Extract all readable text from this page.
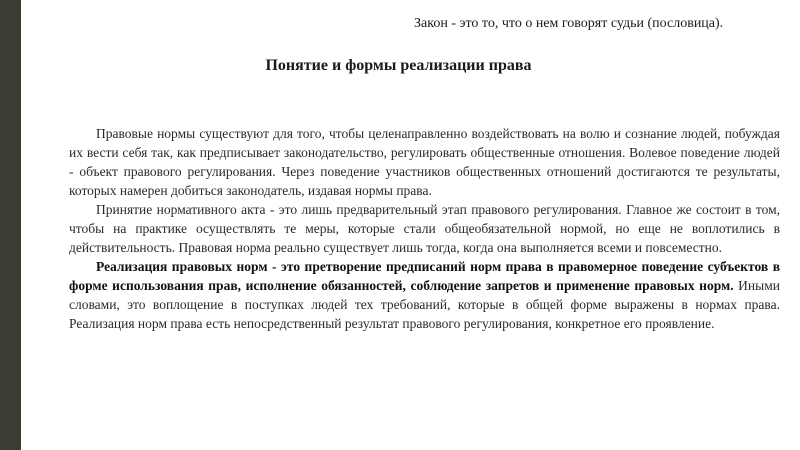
Закон - это то, что о нем говорят судьи (пословица).
Понятие и формы реализации права

Правовые нормы существуют для того, чтобы целенаправленно воздействовать на волю и сознание людей, побуждая их вести себя так, как предписывает законодательство, регулировать общественные отношения. Волевое поведение людей - объект правового регулирования. Через поведение участников общественных отношений достигаются те результаты, которых намерен добиться законодатель, издавая нормы права.

Принятие нормативного акта - это лишь предварительный этап правового регулирования. Главное же состоит в том, чтобы на практике осуществлять те меры, которые стали общеобязательной нормой, но еще не воплотились в действительность. Правовая норма реально существует лишь тогда, когда она выполняется всеми и повсеместно.

Реализация правовых норм - это претворение предписаний норм права в правомерное поведение субъектов в форме использования прав, исполнение обязанностей, соблюдение запретов и применение правовых норм. Иными словами, это воплощение в поступках людей тех требований, которые в общей форме выражены в нормах права. Реализация норм права есть непосредственный результат правового регулирования, конкретное его проявление.
